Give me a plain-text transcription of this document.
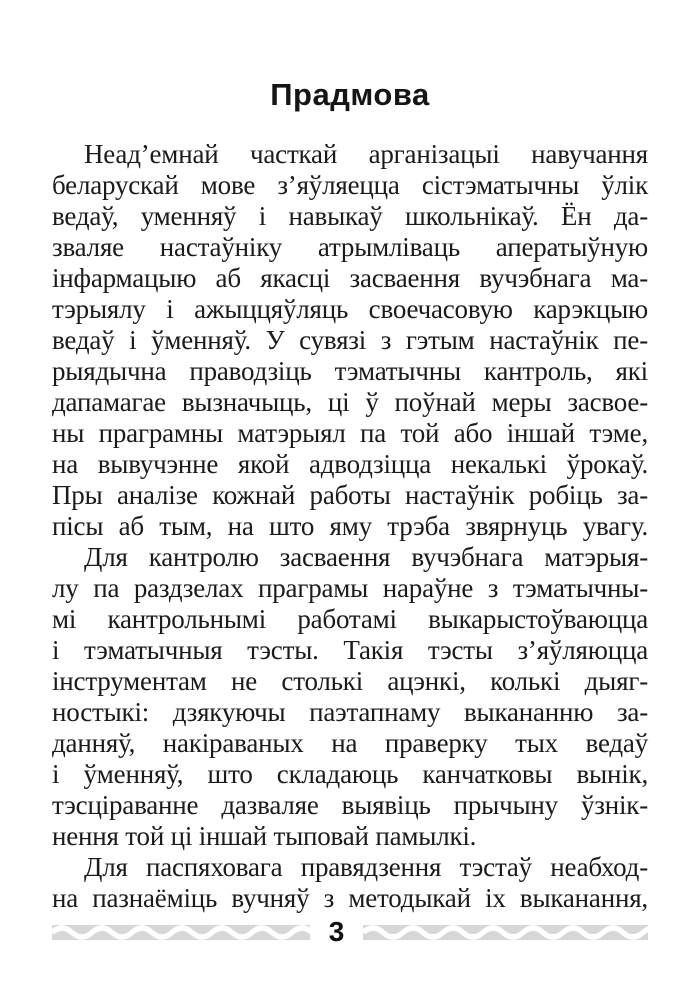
Прадмова
Неад’емнай часткай арганізацыі навучання
беларускай мове з’яўляецца сістэматычны ўлік
ведаў, уменняў і навыкаў школьнікаў. Ён да-
зваляе настаўніку атрымліваць аператыўную
інфармацыю аб якасці засваення вучэбнага ма-
тэрыялу і ажыццяўляць своечасовую карэкцыю
ведаў і ўменняў. У сувязі з гэтым настаўнік пе-
рыядычна праводзіць тэматычны кантроль, які
дапамагае вызначыць, ці ў поўнай меры засвое-
ны праграмны матэрыял па той або іншай тэме,
на вывучэнне якой адводзіцца некалькі ўрокаў.
Пры аналізе кожнай работы настаўнік робіць за-
пісы аб тым, на што яму трэба звярнуць увагу.
Для кантролю засваення вучэбнага матэрыя-
лу па раздзелах праграмы нараўне з тэматычны-
мі кантрольнымі работамі выкарыстоўваюцца
і тэматычныя тэсты. Такія тэсты з’яўляюцца
інструментам не столькі ацэнкі, колькі дыяг-
ностыкі: дзякуючы паэтапнаму выкананню за-
данняў, накіраваных на праверку тых ведаў
і ўменняў, што складаюць канчатковы вынік,
тэсціраванне дазваляе выявіць прычыну ўзнік-
нення той ці іншай тыповай памылкі.
Для паспяховага правядзення тэстаў неабход-
на пазнаёміць вучняў з методыкай іх выканання,
3
